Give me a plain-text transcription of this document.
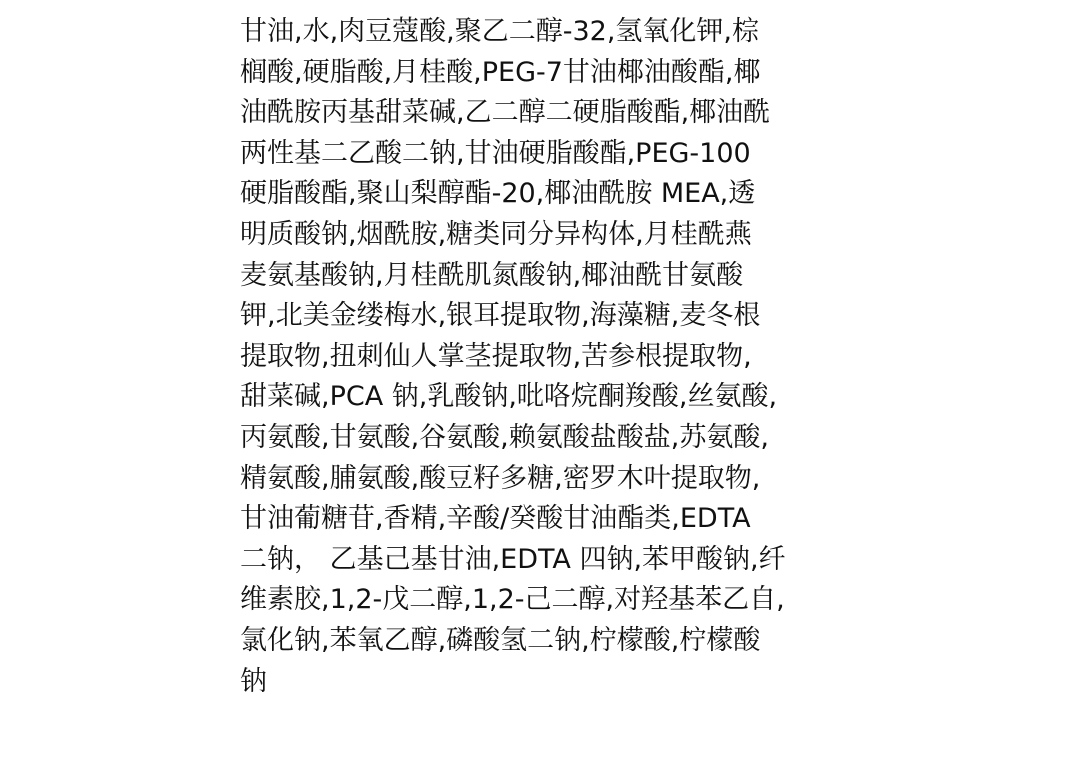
甘油,水,肉豆蔻酸,聚乙二醇-32,氢氧化钾,棕
榈酸,硬脂酸,月桂酸,PEG-7甘油椰油酸酯,椰
油酰胺丙基甜菜碱,乙二醇二硬脂酸酯,椰油酰
两性基二乙酸二钠,甘油硬脂酸酯,PEG-100
硬脂酸酯,聚山梨醇酯-20,椰油酰胺 MEA,透
明质酸钠,烟酰胺,糖类同分异构体,月桂酰燕
麦氨基酸钠,月桂酰肌氮酸钠,椰油酰甘氨酸
钾,北美金缕梅水,银耳提取物,海藻糖,麦冬根
提取物,扭刺仙人掌茎提取物,苦参根提取物,
甜菜碱,PCA 钠,乳酸钠,吡咯烷酮羧酸,丝氨酸,
丙氨酸,甘氨酸,谷氨酸,赖氨酸盐酸盐,苏氨酸,
精氨酸,脯氨酸,酸豆籽多糖,密罗木叶提取物,
甘油葡糖苷,香精,辛酸/癸酸甘油酯类,EDTA
二钠， 乙基己基甘油,EDTA 四钠,苯甲酸钠,纤
维素胶,1,2-戊二醇,1,2-己二醇,对羟基苯乙自,
氯化钠,苯氧乙醇,磷酸氢二钠,柠檬酸,柠檬酸
钠
